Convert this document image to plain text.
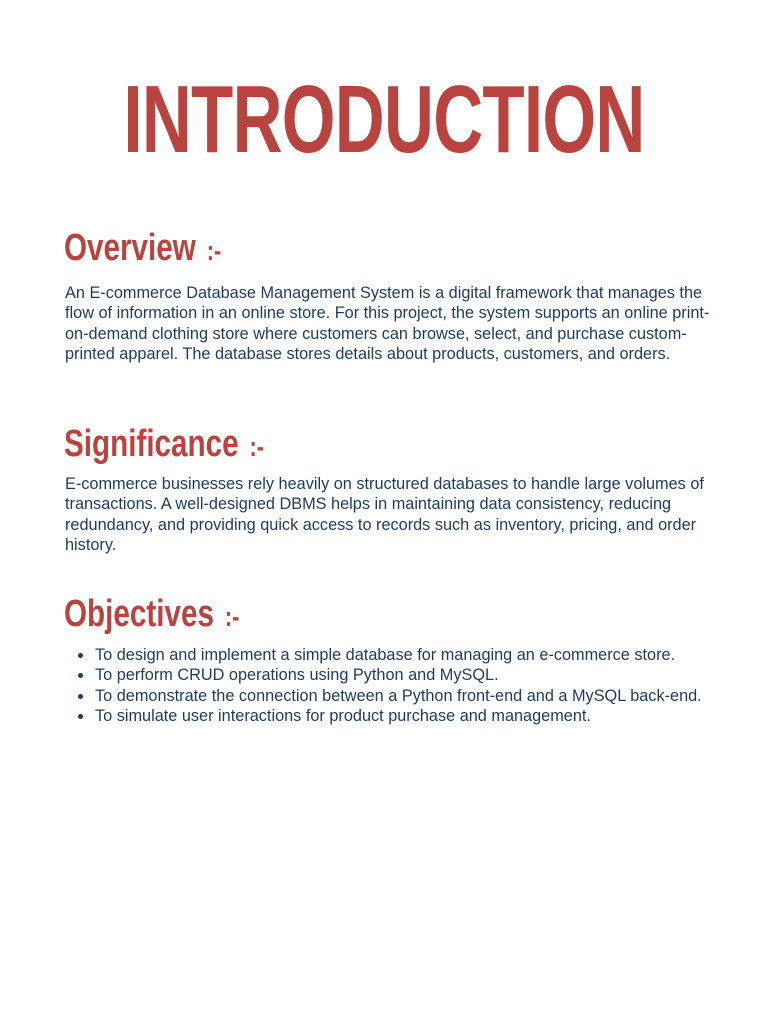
INTRODUCTION
Overview :-

An E-commerce Database Management System is a digital framework that manages the flow of information in an online store. For this project, the system supports an online print-on-demand clothing store where customers can browse, select, and purchase custom-printed apparel. The database stores details about products, customers, and orders.

Significance :-

E-commerce businesses rely heavily on structured databases to handle large volumes of transactions. A well-designed DBMS helps in maintaining data consistency, reducing redundancy, and providing quick access to records such as inventory, pricing, and order history.

Objectives :-
To design and implement a simple database for managing an e-commerce store.
To perform CRUD operations using Python and MySQL.
To demonstrate the connection between a Python front-end and a MySQL back-end.
To simulate user interactions for product purchase and management.
